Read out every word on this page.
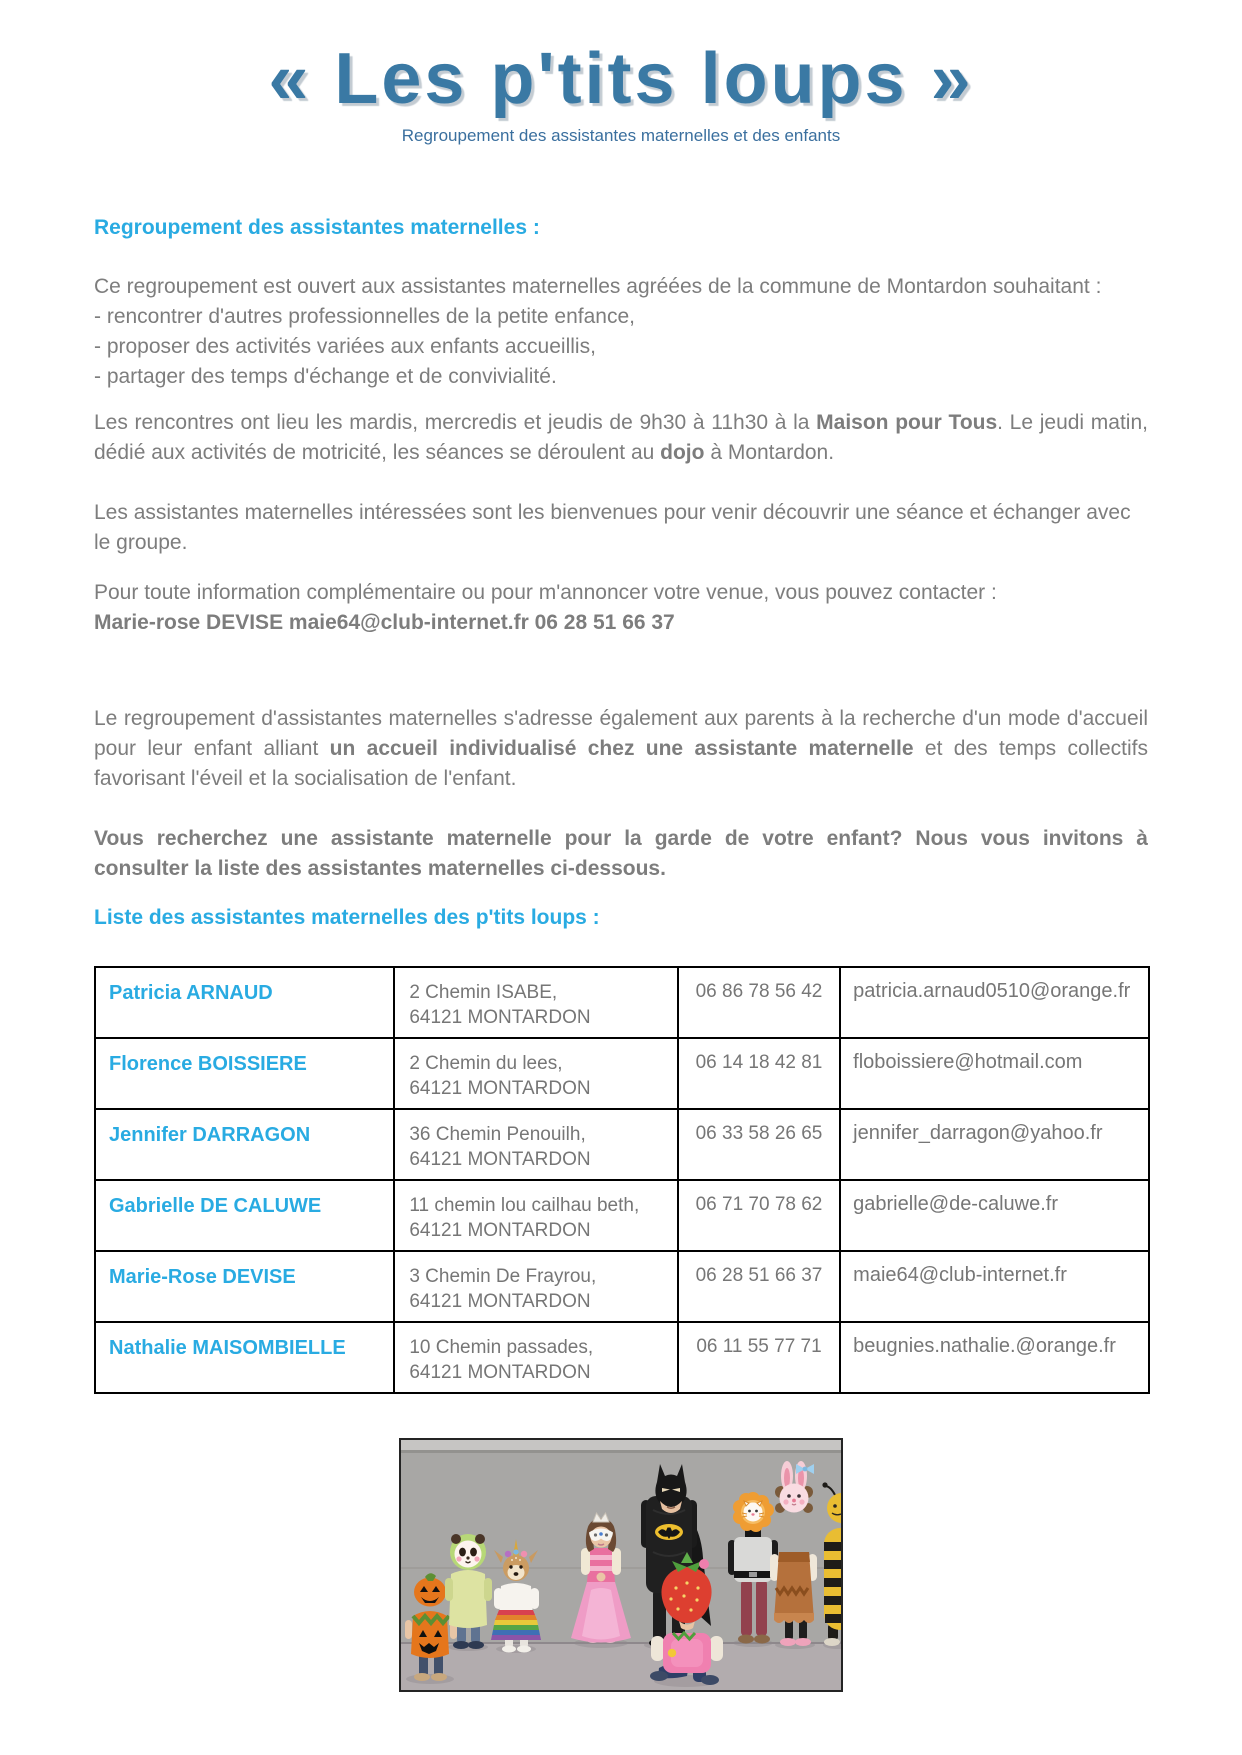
« Les p'tits loups »
Regroupement des assistantes maternelles et des enfants
Regroupement des assistantes maternelles :

Ce regroupement est ouvert aux assistantes maternelles agréées de la commune de Montardon souhaitant :
- rencontrer d'autres professionnelles de la petite enfance,
- proposer des activités variées aux enfants accueillis,
- partager des temps d'échange et de convivialité.

Les rencontres ont lieu les mardis, mercredis et jeudis de 9h30 à 11h30 à la Maison pour Tous. Le jeudi matin, dédié aux activités de motricité, les séances se déroulent au dojo à Montardon.

Les assistantes maternelles intéressées sont les bienvenues pour venir découvrir une séance et échanger avec le groupe.

Pour toute information complémentaire ou pour m'annoncer votre venue, vous pouvez contacter :
Marie-rose DEVISE maie64@club-internet.fr 06 28 51 66 37

Le regroupement d'assistantes maternelles s'adresse également aux parents à la recherche d'un mode d'accueil pour leur enfant alliant un accueil individualisé chez une assistante maternelle et des temps collectifs favorisant l'éveil et la socialisation de l'enfant.

Vous recherchez une assistante maternelle pour la garde de votre enfant? Nous vous invitons à consulter la liste des assistantes maternelles ci-dessous.

Liste des assistantes maternelles des p'tits loups :
Patricia ARNAUD	2 Chemin ISABE,
64121 MONTARDON	06 86 78 56 42	patricia.arnaud0510@orange.fr
Florence BOISSIERE	2 Chemin du lees,
64121 MONTARDON	06 14 18 42 81	floboissiere@hotmail.com
Jennifer DARRAGON	36 Chemin Penouilh,
64121 MONTARDON	06 33 58 26 65	jennifer_darragon@yahoo.fr
Gabrielle DE CALUWE	11 chemin lou cailhau beth,
64121 MONTARDON	06 71 70 78 62	gabrielle@de-caluwe.fr
Marie-Rose DEVISE	3 Chemin De Frayrou,
64121 MONTARDON	06 28 51 66 37	maie64@club-internet.fr
Nathalie MAISOMBIELLE	10 Chemin passades,
64121 MONTARDON	06 11 55 77 71	beugnies.nathalie.@orange.fr
